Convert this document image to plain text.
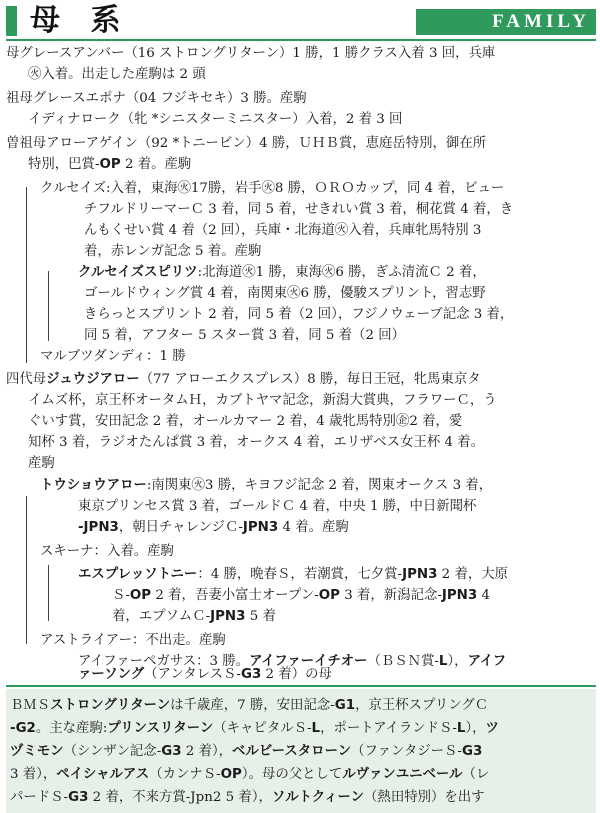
母 系	FAMILY
母グレースアンバー（16 ストロングリターン）1 勝，1 勝クラス入着 3 回，兵庫
㊋入着。出走した産駒は 2 頭
祖母グレースエポナ（04 フジキセキ）3 勝。産駒
イディナローク（牝 *シニスターミニスター）入着，2 着 3 回
曽祖母アローアゲイン（92 *トニービン）4 勝，ＵＨＢ賞，恵庭岳特別，御在所
特別，巴賞-OP 2 着。産駒
クルセイズ:入着，東海㊋17勝，岩手㊋8 勝，ＯＲＯカップ，同 4 着，ビュー
チフルドリーマーＣ 3 着，同 5 着，せきれい賞 3 着，桐花賞 4 着，き
んもくせい賞 4 着（2 回），兵庫・北海道㊋入着，兵庫牝馬特別 3
着，赤レンガ記念 5 着。産駒
クルセイズスピリツ:北海道㊋1 勝，東海㊋6 勝，ぎふ清流Ｃ 2 着，
ゴールドウィング賞 4 着，南関東㊋6 勝，優駿スプリント，習志野
きらっとスプリント 2 着，同 5 着（2 回），フジノウェーブ記念 3 着，
同 5 着，アフター 5 スター賞 3 着，同 5 着（2 回）
マルブツダンディ：1 勝
四代母ジュウジアロー（77 アローエクスプレス）8 勝，毎日王冠，牝馬東京タ
イムズ杯，京王杯オータムＨ，カブトヤマ記念，新潟大賞典，フラワーＣ，う
ぐいす賞，安田記念 2 着，オールカマー 2 着，4 歳牝馬特別㊭2 着，愛
知杯 3 着，ラジオたんぱ賞 3 着，オークス 4 着，エリザベス女王杯 4 着。
産駒
トウショウアロー:南関東㊋3 勝，キヨフジ記念 2 着，関東オークス 3 着，
東京プリンセス賞 3 着，ゴールドＣ 4 着，中央 1 勝，中日新聞杯
-JPN3，朝日チャレンジＣ-JPN3 4 着。産駒
スキーナ：入着。産駒
エスプレッソトニー：4 勝，晩春Ｓ，若潮賞，七夕賞-JPN3 2 着，大原
Ｓ-OP 2 着，吾妻小富士オープン-OP 3 着，新潟記念-JPN3 4
着，エプソムＣ-JPN3 5 着
アストライアー：不出走。産駒
アイファーペガサス：3 勝。アイファーイチオー（ＢＳＮ賞-L），アイフ
ァーソング（アンタレスＳ-G3 2 着）の母
ＢＭＳストロングリターンは千歳産，7 勝，安田記念-G1，京王杯スプリングＣ
-G2。主な産駒:プリンスリターン（キャピタルＳ-L，ポートアイランドＳ-L），ツ
ヅミモン（シンザン記念-G3 2 着），ベルビースタローン（ファンタジーＳ-G3
3 着），ペイシャルアス（カンナＳ-OP）。母の父としてルヴァンユニベール（レ
パードＳ-G3 2 着，不来方賞-Jpn2 5 着），ソルトクィーン（熱田特別）を出す
